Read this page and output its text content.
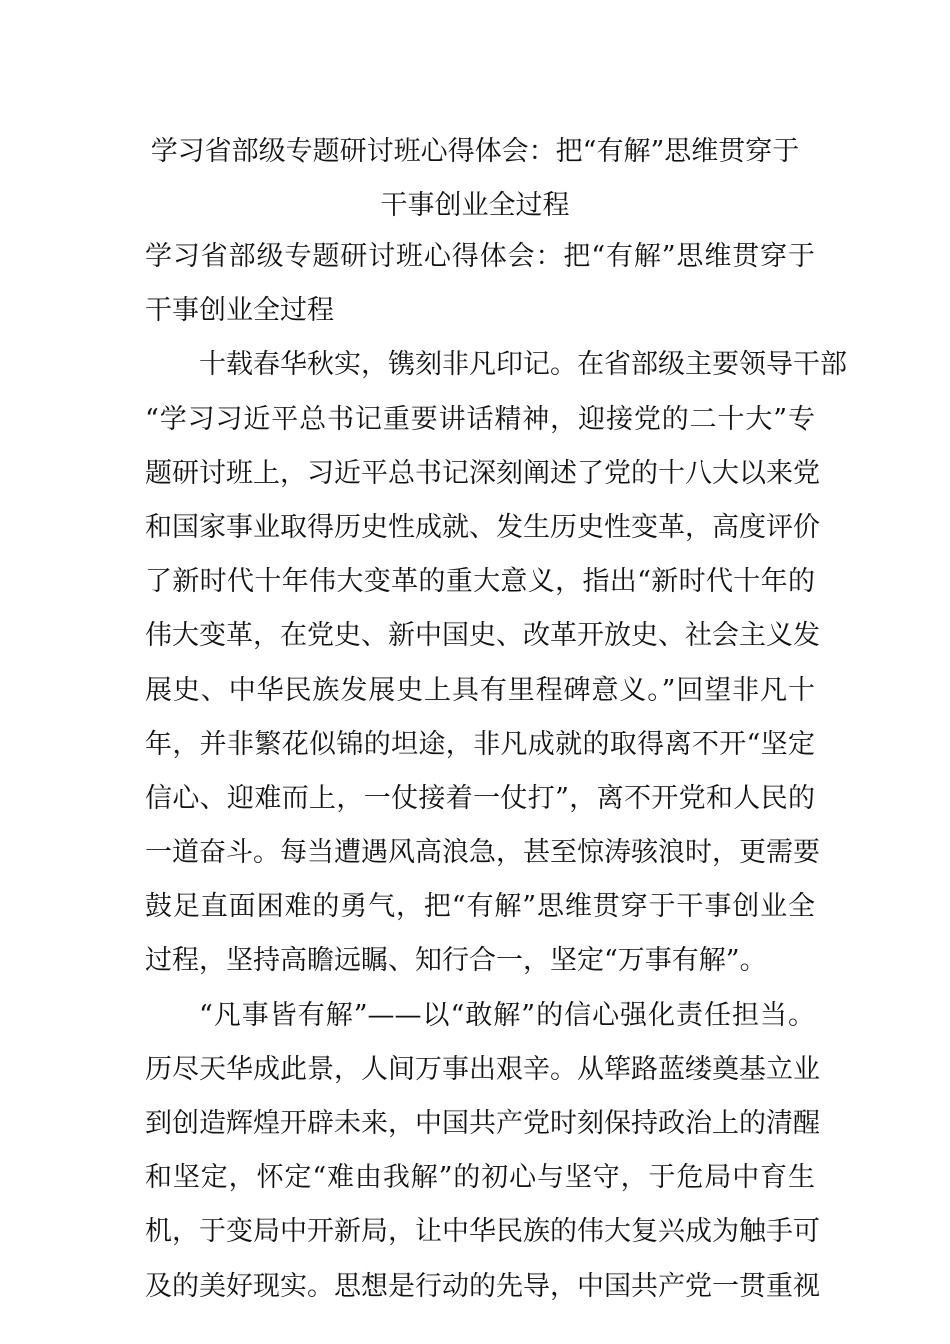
学习省部级专题研讨班心得体会：把“有解”思维贯穿于
干事创业全过程
学习省部级专题研讨班心得体会：把“有解”思维贯穿于
干事创业全过程
十载春华秋实，镌刻非凡印记。在省部级主要领导干部
“学习习近平总书记重要讲话精神，迎接党的二十大”专
题研讨班上，习近平总书记深刻阐述了党的十八大以来党
和国家事业取得历史性成就、发生历史性变革，高度评价
了新时代十年伟大变革的重大意义，指出“新时代十年的
伟大变革，在党史、新中国史、改革开放史、社会主义发
展史、中华民族发展史上具有里程碑意义。”回望非凡十
年，并非繁花似锦的坦途，非凡成就的取得离不开“坚定
信心、迎难而上，一仗接着一仗打”，离不开党和人民的
一道奋斗。每当遭遇风高浪急，甚至惊涛骇浪时，更需要
鼓足直面困难的勇气，把“有解”思维贯穿于干事创业全
过程，坚持高瞻远瞩、知行合一，坚定“万事有解”。
“凡事皆有解”——以“敢解”的信心强化责任担当。
历尽天华成此景，人间万事出艰辛。从筚路蓝缕奠基立业
到创造辉煌开辟未来，中国共产党时刻保持政治上的清醒
和坚定，怀定“难由我解”的初心与坚守，于危局中育生
机，于变局中开新局，让中华民族的伟大复兴成为触手可
及的美好现实。思想是行动的先导，中国共产党一贯重视
